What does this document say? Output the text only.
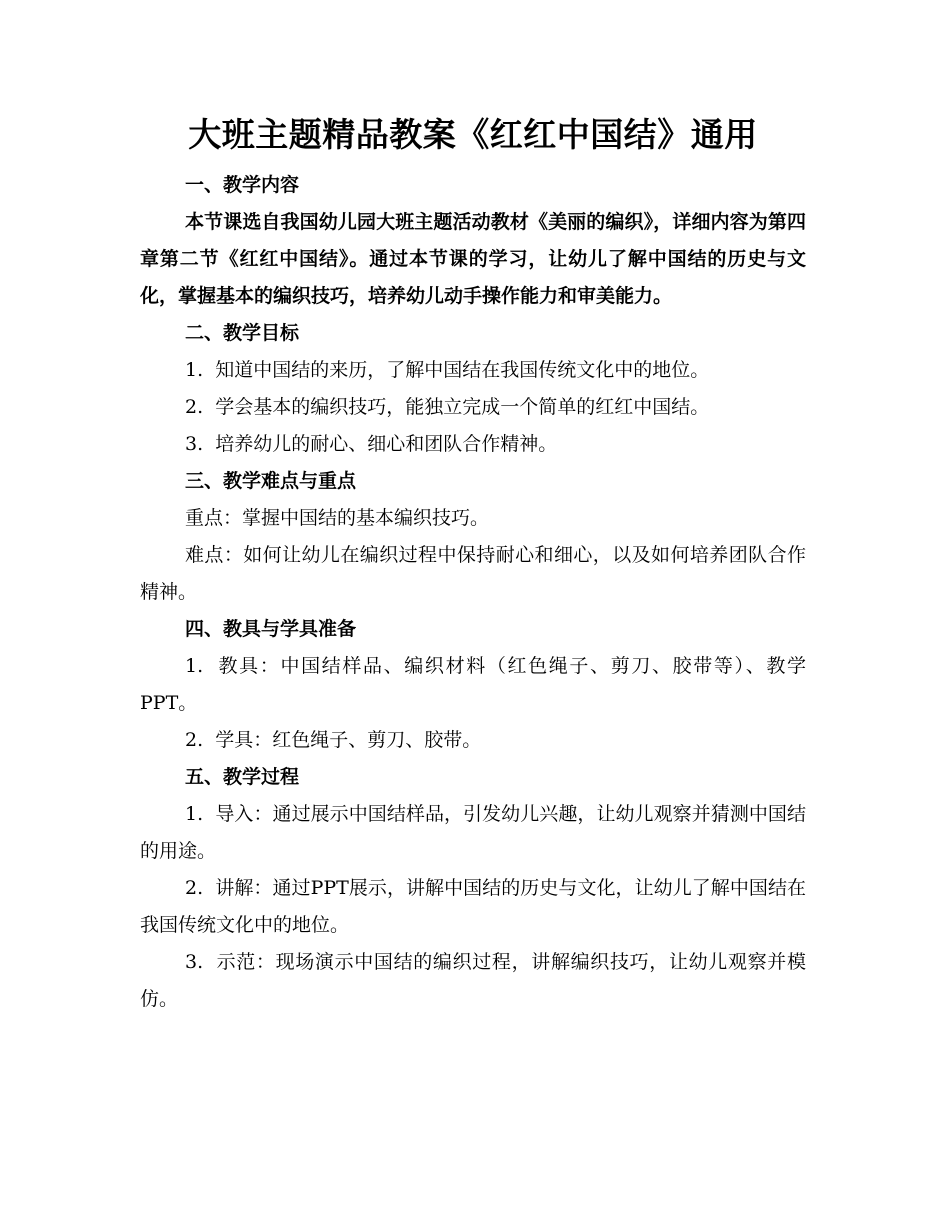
大班主题精品教案《红红中国结》通用

一、教学内容

本节课选自我国幼儿园大班主题活动教材《美丽的编织》，详细内容为第四章第二节《红红中国结》。通过本节课的学习，让幼儿了解中国结的历史与文化，掌握基本的编织技巧，培养幼儿动手操作能力和审美能力。

二、教学目标

1. 知道中国结的来历，了解中国结在我国传统文化中的地位。

2. 学会基本的编织技巧，能独立完成一个简单的红红中国结。

3. 培养幼儿的耐心、细心和团队合作精神。

三、教学难点与重点

重点：掌握中国结的基本编织技巧。

难点：如何让幼儿在编织过程中保持耐心和细心，以及如何培养团队合作精神。

四、教具与学具准备

1. 教具：中国结样品、编织材料（红色绳子、剪刀、胶带等）、教学PPT。

2. 学具：红色绳子、剪刀、胶带。

五、教学过程

1. 导入：通过展示中国结样品，引发幼儿兴趣，让幼儿观察并猜测中国结的用途。

2. 讲解：通过PPT展示，讲解中国结的历史与文化，让幼儿了解中国结在我国传统文化中的地位。

3. 示范：现场演示中国结的编织过程，讲解编织技巧，让幼儿观察并模仿。
